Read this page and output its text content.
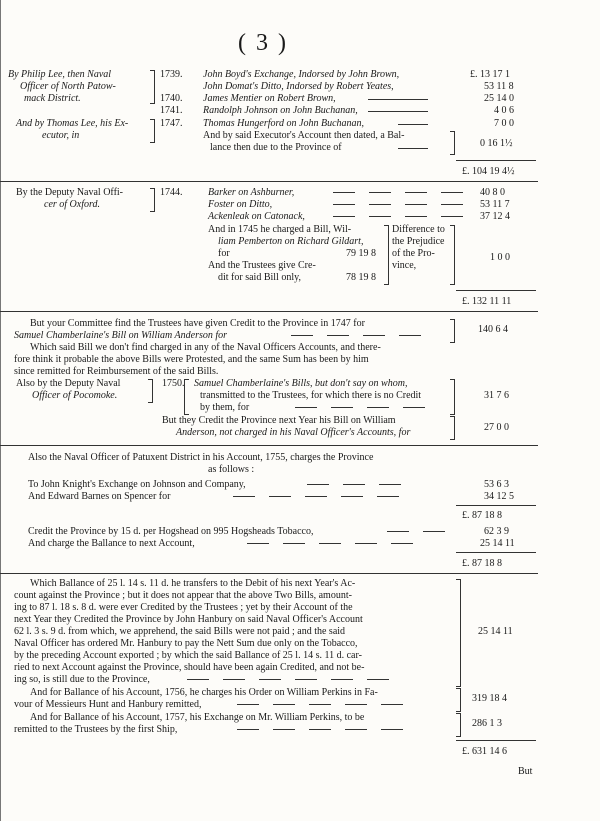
( 3 )
By Philip Lee, then Naval
Officer of North Patow-
mack District.
And by Thomas Lee, his Ex-
ecutor, in
1739. John Boyd's Exchange, Indorsed by John Brown,	£. 13 17 1
John Domat's Ditto, Indorsed by Robert Yeates,	53 11 8
1740. James Mentier on Robert Brown,	25 14 0
1741. Randolph Johnson on John Buchanan,	4 0 6
1747. Thomas Hungerford on John Buchanan,	7 0 0
And by said Executor's Account then dated, a Bal-
lance then due to the Province of	0 16 1½
£. 104 19 4½
By the Deputy Naval Offi-
cer of Oxford.
1744.	Barker on Ashburner,	40 8 0
Foster on Ditto,	53 11 7
Ackenleak on Catonack,	37 12 4
And in 1745 he charged a Bill, Wil-
liam Pemberton on Richard Gildart,
for	79 19 8
And the Trustees give Cre-
dit for said Bill only,	78 19 8
Difference to
the Prejudice
of the Pro-
vince,
1 0 0
£. 132 11 11
But your Committee find the Trustees have given Credit to the Province in 1747 for
Samuel Chamberlaine's Bill on William Anderson for
Which said Bill we don't find charged in any of the Naval Officers Accounts, and there-
fore think it probable the above Bills were Protested, and the same Sum has been by him
since remitted for Reimbursement of the said Bills.
140 6 4
Also by the Deputy Naval
Officer of Pocomoke.
1750. Samuel Chamberlaine's Bills, but don't say on whom,
transmitted to the Trustees, for which there is no Credit
by them, for
31 7 6
But they Credit the Province next Year his Bill on William
Anderson, not charged in his Naval Officer's Accounts, for	27 0 0
Also the Naval Officer of Patuxent District in his Account, 1755, charges the Province
as follows :
To John Knight's Exchange on Johnson and Company,	53 6 3
And Edward Barnes on Spencer for	34 12 5
£. 87 18 8
Credit the Province by 15 d. per Hogshead on 995 Hogsheads Tobacco,	62 3 9
And charge the Ballance to next Account,	25 14 11
£. 87 18 8
Which Ballance of 25 l. 14 s. 11 d. he transfers to the Debit of his next Year's Ac-
count against the Province ; but it does not appear that the above Two Bills, amount-
ing to 87 l. 18 s. 8 d. were ever Credited by the Trustees ; yet by their Account of the
next Year they Credited the Province by John Hanbury on said Naval Officer's Account
62 l. 3 s. 9 d. from which, we apprehend, the said Bills were not paid ; and the said
Naval Officer has ordered Mr. Hanbury to pay the Nett Sum due only on the Tobacco,
by the preceding Account exported ; by which the said Ballance of 25 l. 14 s. 11 d. car-
ried to next Account against the Province, should have been again Credited, and not be-
ing so, is still due to the Province,
25 14 11
And for Ballance of his Account, 1756, he charges his Order on William Perkins in Fa-
vour of Messieurs Hunt and Hanbury remitted,
319 18 4
And for Ballance of his Account, 1757, his Exchange on Mr. William Perkins, to be
remitted to the Trustees by the first Ship,
286 1 3
£. 631 14 6
But
